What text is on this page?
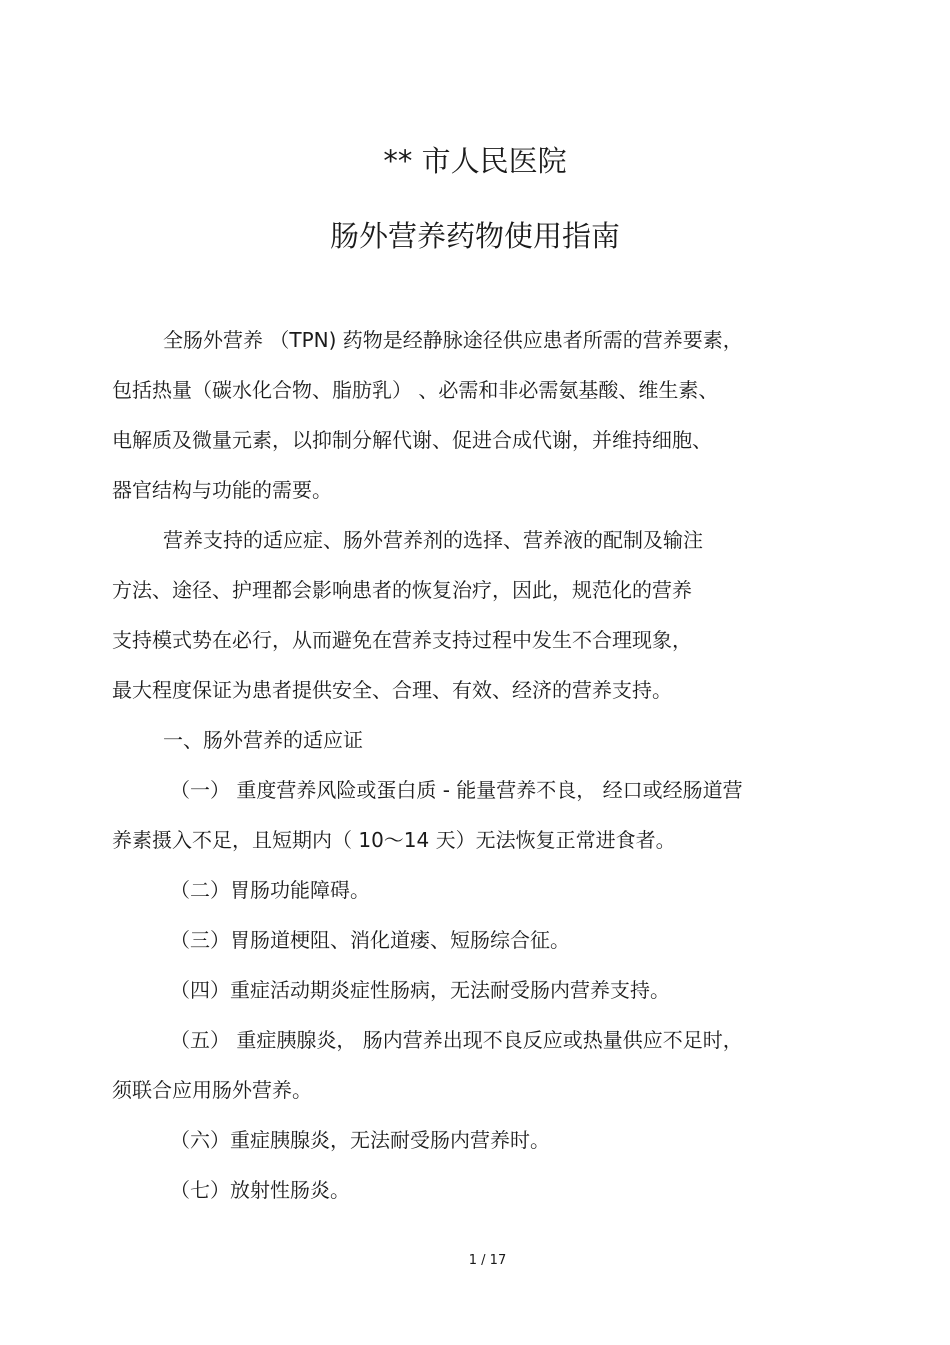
** 市人民医院
肠外营养药物使用指南
全肠外营养 （TPN) 药物是经静脉途径供应患者所需的营养要素，
包括热量（碳水化合物、脂肪乳） 、必需和非必需氨基酸、维生素、
电解质及微量元素，以抑制分解代谢、促进合成代谢，并维持细胞、
器官结构与功能的需要。
营养支持的适应症、肠外营养剂的选择、营养液的配制及输注
方法、途径、护理都会影响患者的恢复治疗，因此，规范化的营养
支持模式势在必行，从而避免在营养支持过程中发生不合理现象，
最大程度保证为患者提供安全、合理、有效、经济的营养支持。
一、肠外营养的适应证
（一） 重度营养风险或蛋白质 - 能量营养不良， 经口或经肠道营
养素摄入不足，且短期内（ 10～14 天）无法恢复正常进食者。
（二）胃肠功能障碍。
（三）胃肠道梗阻、消化道瘘、短肠综合征。
（四）重症活动期炎症性肠病，无法耐受肠内营养支持。
（五） 重症胰腺炎， 肠内营养出现不良反应或热量供应不足时，
须联合应用肠外营养。
（六）重症胰腺炎，无法耐受肠内营养时。
（七）放射性肠炎。
1 / 17
